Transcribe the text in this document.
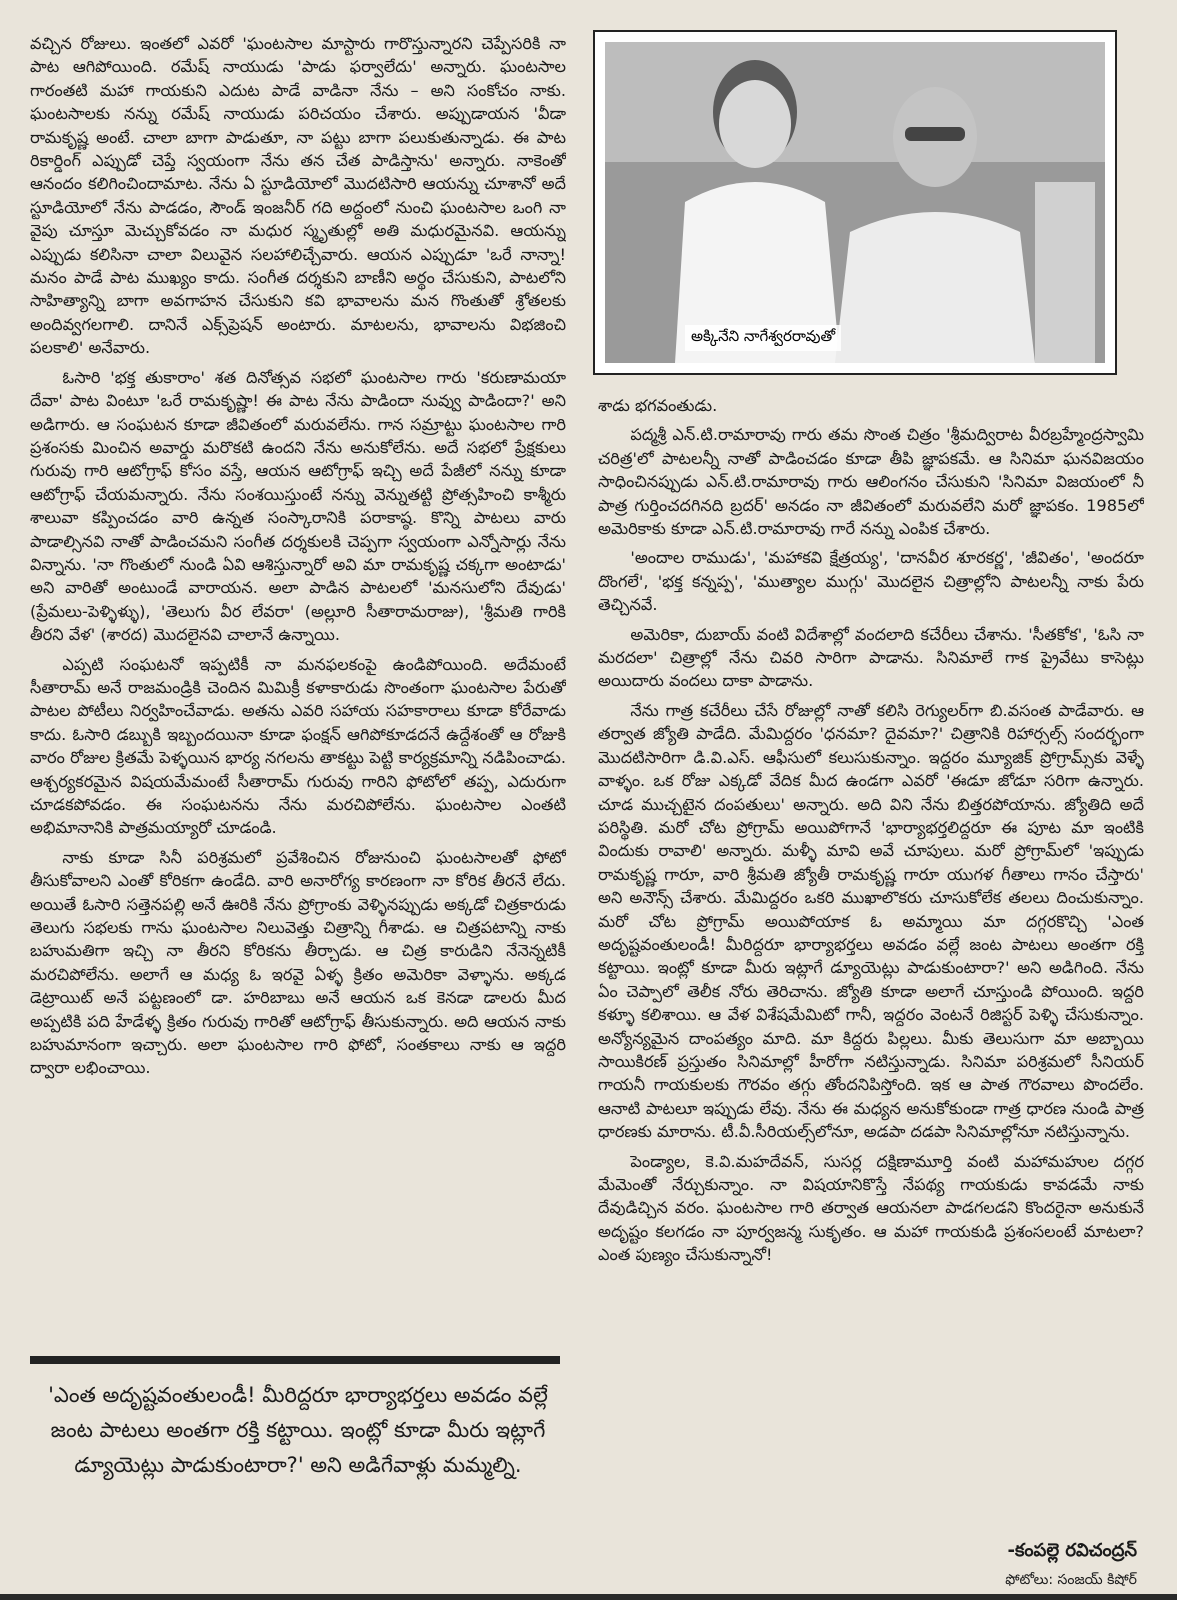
వచ్చిన రోజులు. ఇంతలో ఎవరో 'ఘంటసాల మాస్టారు గారొస్తున్నారని చెప్పేసరికి నా పాట ఆగిపోయింది. రమేష్ నాయుడు 'పాడు ఫర్వాలేదు' అన్నారు. ఘంటసాల గారంతటి మహా గాయకుని ఎదుట పాడే వాడినా నేను – అని సంకోచం నాకు. ఘంటసాలకు నన్ను రమేష్ నాయుడు పరిచయం చేశారు. అప్పుడాయన 'వీడా రామకృష్ణ అంటే. చాలా బాగా పాడుతూ, నా పట్టు బాగా పలుకుతున్నాడు. ఈ పాట రికార్డింగ్ ఎప్పుడో చెప్తే స్వయంగా నేను తన చేత పాడిస్తాను' అన్నారు. నాకెంతో ఆనందం కలిగించిందామాట. నేను ఏ స్టూడియోలో మొదటిసారి ఆయన్ను చూశానో అదే స్టూడియోలో నేను పాడడం, సౌండ్ ఇంజనీర్ గది అద్దంలో నుంచి ఘంటసాల ఒంగి నా వైపు చూస్తూ మెచ్చుకోవడం నా మధుర స్మృతుల్లో అతి మధురమైనవి. ఆయన్ను ఎప్పుడు కలిసినా చాలా విలువైన సలహాలిచ్చేవారు. ఆయన ఎప్పుడూ 'ఒరే నాన్నా! మనం పాడే పాట ముఖ్యం కాదు. సంగీత దర్శకుని బాణీని అర్థం చేసుకుని, పాటలోని సాహిత్యాన్ని బాగా అవగాహన చేసుకుని కవి భావాలను మన గొంతుతో శ్రోతలకు అందివ్వగలగాలి. దానినే ఎక్స్‌ప్రెషన్ అంటారు. మాటలను, భావాలను విభజించి పలకాలి' అనేవారు.

ఓసారి 'భక్త తుకారాం' శత దినోత్సవ సభలో ఘంటసాల గారు 'కరుణామయా దేవా' పాట వింటూ 'ఒరే రామకృష్ణా! ఈ పాట నేను పాడిందా నువ్వు పాడిందా?' అని అడిగారు. ఆ సంఘటన కూడా జీవితంలో మరువలేను. గాన సమ్రాట్టు ఘంటసాల గారి ప్రశంసకు మించిన అవార్డు మరొకటి ఉందని నేను అనుకోలేను. అదే సభలో ప్రేక్షకులు గురువు గారి ఆటోగ్రాఫ్ కోసం వస్తే, ఆయన ఆటోగ్రాఫ్ ఇచ్చి అదే పేజీలో నన్ను కూడా ఆటోగ్రాఫ్ చేయమన్నారు. నేను సంశయిస్తుంటే నన్ను వెన్నుతట్టి ప్రోత్సహించి కాశ్మీరు శాలువా కప్పించడం వారి ఉన్నత సంస్కారానికి పరాకాష్ఠ. కొన్ని పాటలు వారు పాడాల్సినవి నాతో పాడించమని సంగీత దర్శకులకి చెప్పగా స్వయంగా ఎన్నోసార్లు నేను విన్నాను. 'నా గొంతులో నుండి ఏవి ఆశిస్తున్నారో అవి మా రామకృష్ణ చక్కగా అంటాడు' అని వారితో అంటుండే వారాయన. అలా పాడిన పాటలలో 'మనసులోని దేవుడు' (ప్రేమలు-పెళ్ళిళ్ళు), 'తెలుగు వీర లేవరా' (అల్లూరి సీతారామరాజు), 'శ్రీమతి గారికి తీరని వేళ' (శారద) మొదలైనవి చాలానే ఉన్నాయి.

ఎప్పటి సంఘటనో ఇప్పటికీ నా మనఫలకంపై ఉండిపోయింది. అదేమంటే సీతారామ్ అనే రాజమండ్రికి చెందిన మిమిక్రీ కళాకారుడు సొంతంగా ఘంటసాల పేరుతో పాటల పోటీలు నిర్వహించేవాడు. అతను ఎవరి సహాయ సహకారాలు కూడా కోరేవాడు కాదు. ఓసారి డబ్బుకి ఇబ్బందయినా కూడా ఫంక్షన్ ఆగిపోకూడదనే ఉద్దేశంతో ఆ రోజుకి వారం రోజుల క్రితమే పెళ్ళయిన భార్య నగలను తాకట్టు పెట్టి కార్యక్రమాన్ని నడిపించాడు. ఆశ్చర్యకరమైన విషయమేమంటే సీతారామ్ గురువు గారిని ఫోటోలో తప్ప, ఎదురుగా చూడకపోవడం. ఈ సంఘటనను నేను మరచిపోలేను. ఘంటసాల ఎంతటి అభిమానానికి పాత్రమయ్యారో చూడండి.

నాకు కూడా సినీ పరిశ్రమలో ప్రవేశించిన రోజునుంచి ఘంటసాలతో ఫోటో తీసుకోవాలని ఎంతో కోరికగా ఉండేది. వారి అనారోగ్య కారణంగా నా కోరిక తీరనే లేదు. అయితే ఓసారి సత్తెనపల్లి అనే ఊరికి నేను ప్రోగ్రాంకు వెళ్ళినప్పుడు అక్కడో చిత్రకారుడు తెలుగు సభలకు గాను ఘంటసాల నిలువెత్తు చిత్రాన్ని గీశాడు. ఆ చిత్రపటాన్ని నాకు బహుమతిగా ఇచ్చి నా తీరని కోరికను తీర్చాడు. ఆ చిత్ర కారుడిని నేనెన్నటికీ మరచిపోలేను. అలాగే ఆ మధ్య ఓ ఇరవై ఏళ్ళ క్రితం అమెరికా వెళ్ళాను. అక్కడ డెట్రాయిట్ అనే పట్టణంలో డా. హరిబాబు అనే ఆయన ఒక కెనడా డాలరు మీద అప్పటికి పది హేడేళ్ళ క్రితం గురువు గారితో ఆటోగ్రాఫ్ తీసుకున్నారు. అది ఆయన నాకు బహుమానంగా ఇచ్చారు. అలా ఘంటసాల గారి ఫోటో, సంతకాలు నాకు ఆ ఇద్దరి ద్వారా లభించాయి.

అక్కినేని నాగేశ్వరరావుతో

శాడు భగవంతుడు.

పద్మశ్రీ ఎన్.టి.రామారావు గారు తమ సొంత చిత్రం 'శ్రీమద్విరాట వీరబ్రహ్మేంద్రస్వామి చరిత్ర'లో పాటలన్నీ నాతో పాడించడం కూడా తీపి జ్ఞాపకమే. ఆ సినిమా ఘనవిజయం సాధించినప్పుడు ఎన్.టి.రామారావు గారు ఆలింగనం చేసుకుని 'సినిమా విజయంలో నీ పాత్ర గుర్తించదగినది బ్రదర్' అనడం నా జీవితంలో మరువలేని మరో జ్ఞాపకం. 1985లో అమెరికాకు కూడా ఎన్.టి.రామారావు గారే నన్ను ఎంపిక చేశారు.

'అందాల రాముడు', 'మహాకవి క్షేత్రయ్య', 'దానవీర శూరకర్ణ', 'జీవితం', 'అందరూ దొంగలే', 'భక్త కన్నప్ప', 'ముత్యాల ముగ్గు' మొదలైన చిత్రాల్లోని పాటలన్నీ నాకు పేరు తెచ్చినవే.

అమెరికా, దుబాయ్ వంటి విదేశాల్లో వందలాది కచేరీలు చేశాను. 'సీతకోక', 'ఓసి నా మరదలా' చిత్రాల్లో నేను చివరి సారిగా పాడాను. సినిమాలే గాక ప్రైవేటు కాసెట్లు అయిదారు వందలు దాకా పాడాను.

నేను గాత్ర కచేరీలు చేసే రోజుల్లో నాతో కలిసి రెగ్యులర్‌గా బి.వసంత పాడేవారు. ఆ తర్వాత జ్యోతి పాడేది. మేమిద్దరం 'ధనమా? దైవమా?' చిత్రానికి రిహార్సల్స్ సందర్భంగా మొదటిసారిగా డి.వి.ఎస్. ఆఫీసులో కలుసుకున్నాం. ఇద్దరం మ్యూజిక్ ప్రోగ్రామ్స్‌కు వెళ్ళే వాళ్ళం. ఒక రోజు ఎక్కడో వేదిక మీద ఉండగా ఎవరో 'ఈడూ జోడూ సరిగా ఉన్నారు. చూడ ముచ్చటైన దంపతులు' అన్నారు. అది విని నేను బిత్తరపోయాను. జ్యోతిది అదే పరిస్థితి. మరో చోట ప్రోగ్రామ్ అయిపోగానే 'భార్యాభర్తలిద్దరూ ఈ పూట మా ఇంటికి విందుకు రావాలి' అన్నారు. మళ్ళీ మావి అవే చూపులు. మరో ప్రోగ్రామ్‌లో 'ఇప్పుడు రామకృష్ణ గారూ, వారి శ్రీమతి జ్యోతీ రామకృష్ణ గారూ యుగళ గీతాలు గానం చేస్తారు' అని అనౌన్స్ చేశారు. మేమిద్దరం ఒకరి ముఖాలొకరు చూసుకోలేక తలలు దించుకున్నాం. మరో చోట ప్రోగ్రామ్ అయిపోయాక ఓ అమ్మాయి మా దగ్గరకొచ్చి 'ఎంత అదృష్టవంతులండీ! మీరిద్దరూ భార్యాభర్తలు అవడం వల్లే జంట పాటలు అంతగా రక్తి కట్టాయి. ఇంట్లో కూడా మీరు ఇట్లాగే డ్యూయెట్లు పాడుకుంటారా?' అని అడిగింది. నేను ఏం చెప్పాలో తెలీక నోరు తెరిచాను. జ్యోతి కూడా అలాగే చూస్తుండి పోయింది. ఇద్దరి కళ్ళూ కలిశాయి. ఆ వేళ విశేషమేమిటో గానీ, ఇద్దరం వెంటనే రిజిస్టర్ పెళ్ళి చేసుకున్నాం. అన్యోన్యమైన దాంపత్యం మాది. మా కిద్దరు పిల్లలు. మీకు తెలుసుగా మా అబ్బాయి సాయికిరణ్ ప్రస్తుతం సినిమాల్లో హీరోగా నటిస్తున్నాడు. సినిమా పరిశ్రమలో సీనియర్ గాయనీ గాయకులకు గౌరవం తగ్గు తోందనిపిస్తోంది. ఇక ఆ పాత గౌరవాలు పొందలేం. ఆనాటి పాటలూ ఇప్పుడు లేవు. నేను ఈ మధ్యన అనుకోకుండా గాత్ర ధారణ నుండి పాత్ర ధారణకు మారాను. టీ.వీ.సీరియల్స్‌లోనూ, అడపా దడపా సినిమాల్లోనూ నటిస్తున్నాను.

పెండ్యాల, కె.వి.మహదేవన్, సుసర్ల దక్షిణామూర్తి వంటి మహామహుల దగ్గర మేమెంతో నేర్చుకున్నాం. నా విషయానికొస్తే నేపథ్య గాయకుడు కావడమే నాకు దేవుడిచ్చిన వరం. ఘంటసాల గారి తర్వాత ఆయనలా పాడగలడని కొందరైనా అనుకునే అదృష్టం కలగడం నా పూర్వజన్మ సుకృతం. ఆ మహా గాయకుడి ప్రశంసలంటే మాటలా? ఎంత పుణ్యం చేసుకున్నానో!

'ఎంత అదృష్టవంతులండీ! మీరిద్దరూ భార్యాభర్తలు అవడం వల్లే జంట పాటలు అంతగా రక్తి కట్టాయి. ఇంట్లో కూడా మీరు ఇట్లాగే డ్యూయెట్లు పాడుకుంటారా?' అని అడిగేవాళ్లు మమ్మల్ని.
-కంపల్లె రవిచంద్రన్
ఫోటోలు: సంజయ్ కిషోర్
